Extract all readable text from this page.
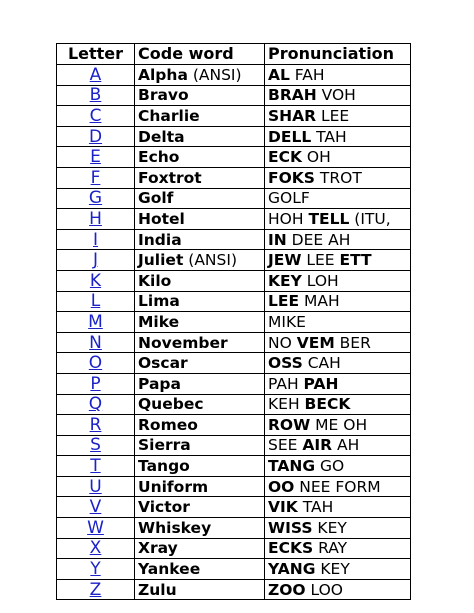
Letter	Code word	Pronunciation
A	Alpha (ANSI)	AL FAH
B	Bravo	BRAH VOH
C	Charlie	SHAR LEE
D	Delta	DELL TAH
E	Echo	ECK OH
F	Foxtrot	FOKS TROT
G	Golf	GOLF
H	Hotel	HOH TELL (ITU,
I	India	IN DEE AH
J	Juliet (ANSI)	JEW LEE ETT
K	Kilo	KEY LOH
L	Lima	LEE MAH
M	Mike	MIKE
N	November	NO VEM BER
O	Oscar	OSS CAH
P	Papa	PAH PAH
Q	Quebec	KEH BECK
R	Romeo	ROW ME OH
S	Sierra	SEE AIR AH
T	Tango	TANG GO
U	Uniform	OO NEE FORM
V	Victor	VIK TAH
W	Whiskey	WISS KEY
X	Xray	ECKS RAY
Y	Yankee	YANG KEY
Z	Zulu	ZOO LOO
